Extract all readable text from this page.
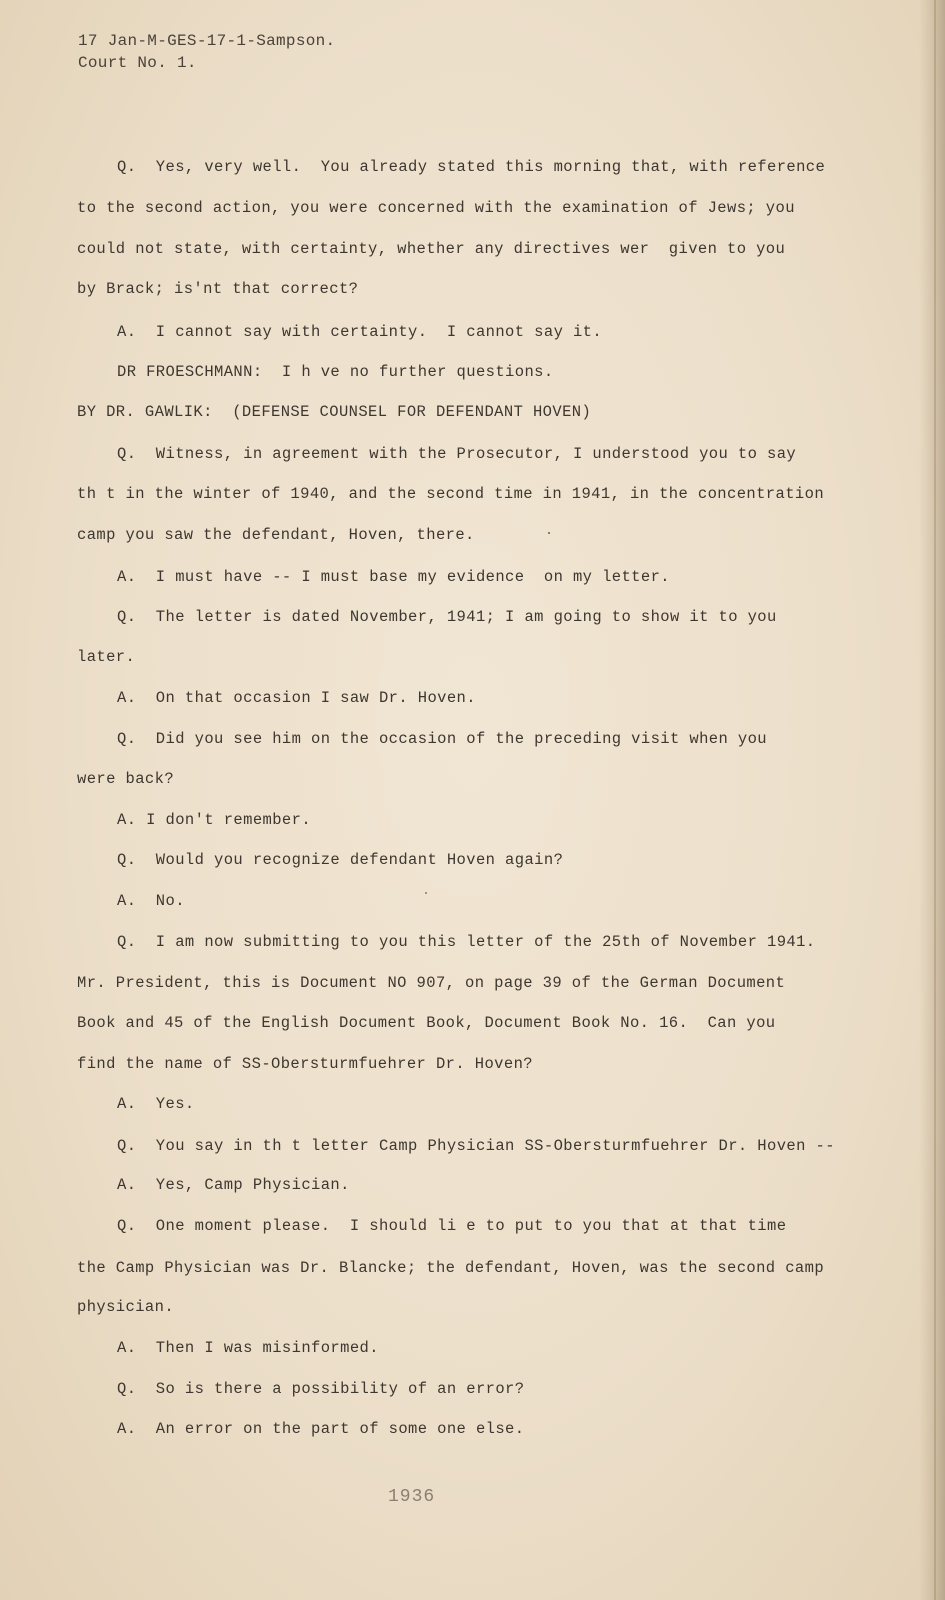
17 Jan-M-GES-17-1-Sampson.
Court No. 1.
Q.  Yes, very well.  You already stated this morning that, with reference
to the second action, you were concerned with the examination of Jews; you
could not state, with certainty, whether any directives wer  given to you
by Brack; is'nt that correct?
A.  I cannot say with certainty.  I cannot say it.
DR FROESCHMANN:  I h ve no further questions.
BY DR. GAWLIK:  (DEFENSE COUNSEL FOR DEFENDANT HOVEN)
Q.  Witness, in agreement with the Prosecutor, I understood you to say
th t in the winter of 1940, and the second time in 1941, in the concentration
camp you saw the defendant, Hoven, there.
A.  I must have -- I must base my evidence  on my letter.
Q.  The letter is dated November, 1941; I am going to show it to you
later.
A.  On that occasion I saw Dr. Hoven.
Q.  Did you see him on the occasion of the preceding visit when you
were back?
A. I don't remember.
Q.  Would you recognize defendant Hoven again?
A.  No.
Q.  I am now submitting to you this letter of the 25th of November 1941.
Mr. President, this is Document NO 907, on page 39 of the German Document
Book and 45 of the English Document Book, Document Book No. 16.  Can you
find the name of SS-Obersturmfuehrer Dr. Hoven?
A.  Yes.
Q.  You say in th t letter Camp Physician SS-Obersturmfuehrer Dr. Hoven --
A.  Yes, Camp Physician.
Q.  One moment please.  I should li e to put to you that at that time
the Camp Physician was Dr. Blancke; the defendant, Hoven, was the second camp
physician.
A.  Then I was misinformed.
Q.  So is there a possibility of an error?
A.  An error on the part of some one else.
1936
